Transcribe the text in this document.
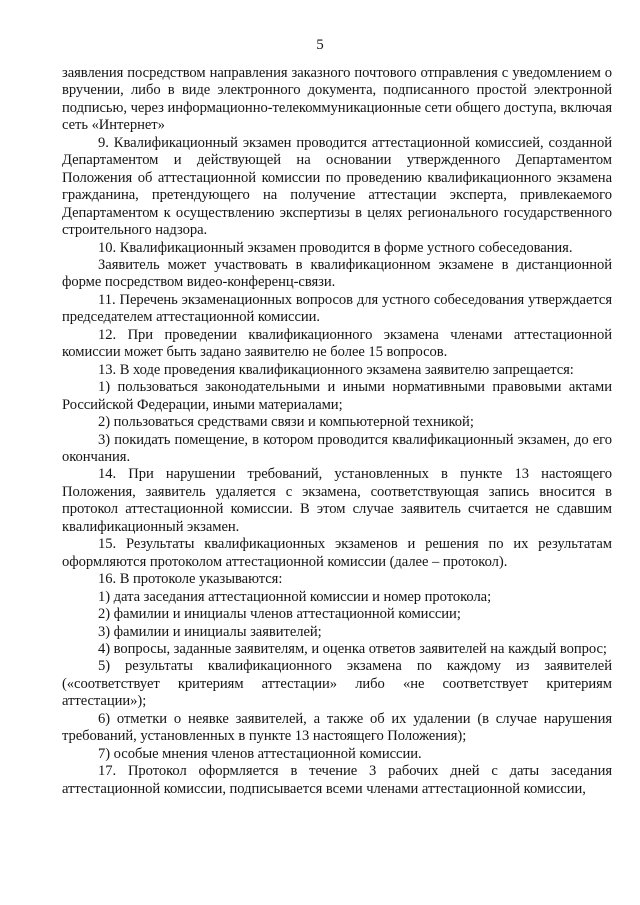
5

заявления посредством направления заказного почтового отправления с уведомлением о вручении, либо в виде электронного документа, подписанного простой электронной подписью, через информационно-телекоммуникационные сети общего доступа, включая сеть «Интернет»

9. Квалификационный экзамен проводится аттестационной комиссией, созданной Департаментом и действующей на основании утвержденного Департаментом Положения об аттестационной комиссии по проведению квалификационного экзамена гражданина, претендующего на получение аттестации эксперта, привлекаемого Департаментом к осуществлению экспертизы в целях регионального государственного строительного надзора.

10. Квалификационный экзамен проводится в форме устного собеседования.

Заявитель может участвовать в квалификационном экзамене в дистанционной форме посредством видео-конференц-связи.

11. Перечень экзаменационных вопросов для устного собеседования утверждается председателем аттестационной комиссии.

12. При проведении квалификационного экзамена членами аттестационной комиссии может быть задано заявителю не более 15 вопросов.

13. В ходе проведения квалификационного экзамена заявителю запрещается:

1) пользоваться законодательными и иными нормативными правовыми актами Российской Федерации, иными материалами;

2) пользоваться средствами связи и компьютерной техникой;

3) покидать помещение, в котором проводится квалификационный экзамен, до его окончания.

14. При нарушении требований, установленных в пункте 13 настоящего Положения, заявитель удаляется с экзамена, соответствующая запись вносится в протокол аттестационной комиссии. В этом случае заявитель считается не сдавшим квалификационный экзамен.

15. Результаты квалификационных экзаменов и решения по их результатам оформляются протоколом аттестационной комиссии (далее – протокол).

16. В протоколе указываются:

1) дата заседания аттестационной комиссии и номер протокола;

2) фамилии и инициалы членов аттестационной комиссии;

3) фамилии и инициалы заявителей;

4) вопросы, заданные заявителям, и оценка ответов заявителей на каждый вопрос;

5) результаты квалификационного экзамена по каждому из заявителей («соответствует критериям аттестации» либо «не соответствует критериям аттестации»);

6) отметки о неявке заявителей, а также об их удалении (в случае нарушения требований, установленных в пункте 13 настоящего Положения);

7) особые мнения членов аттестационной комиссии.

17. Протокол оформляется в течение 3 рабочих дней с даты заседания аттестационной комиссии, подписывается всеми членами аттестационной комиссии,
